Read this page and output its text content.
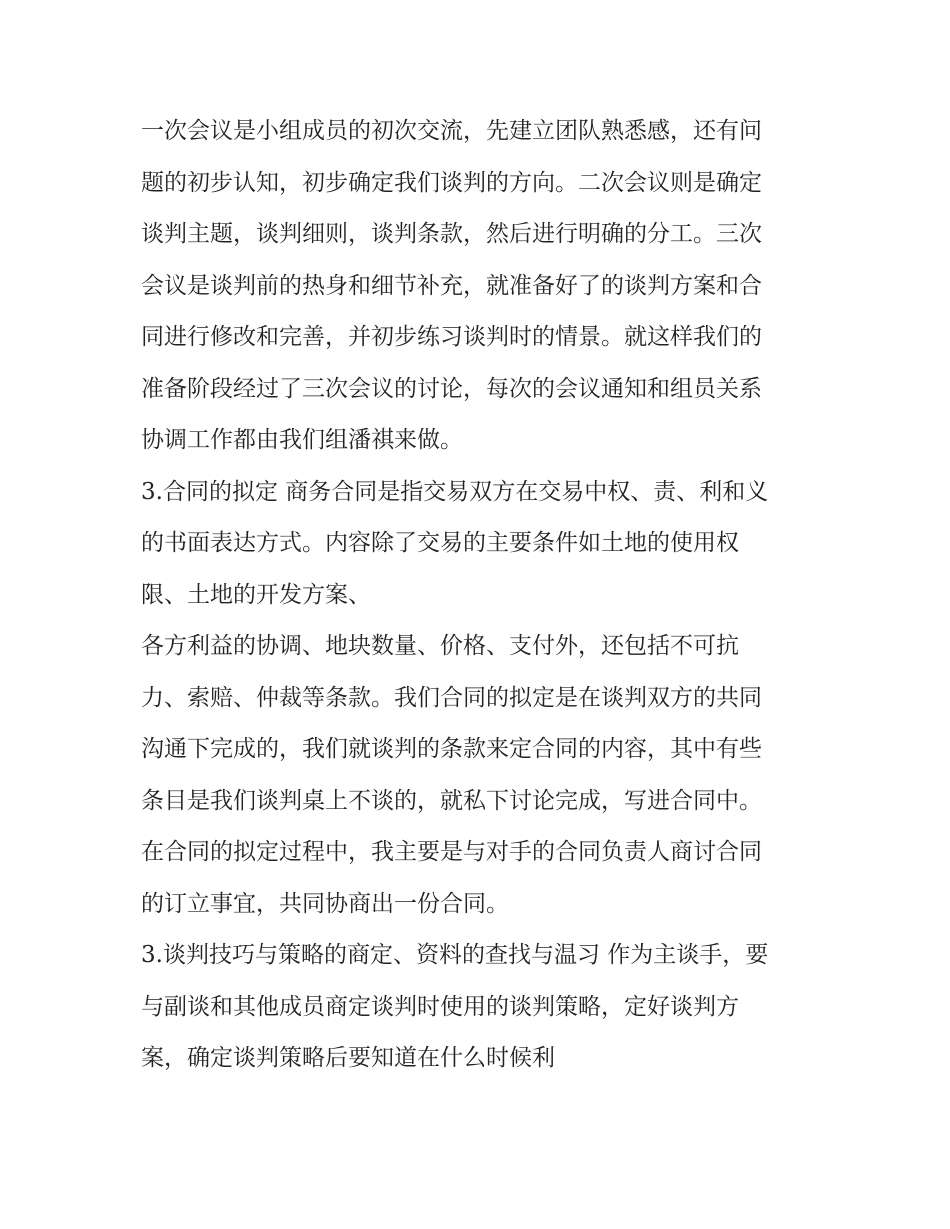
一次会议是小组成员的初次交流，先建立团队熟悉感，还有问
题的初步认知，初步确定我们谈判的方向。二次会议则是确定
谈判主题，谈判细则，谈判条款，然后进行明确的分工。三次
会议是谈判前的热身和细节补充，就准备好了的谈判方案和合
同进行修改和完善，并初步练习谈判时的情景。就这样我们的
准备阶段经过了三次会议的讨论，每次的会议通知和组员关系
协调工作都由我们组潘祺来做。
3.合同的拟定 商务合同是指交易双方在交易中权、责、利和义
的书面表达方式。内容除了交易的主要条件如土地的使用权
限、土地的开发方案、
各方利益的协调、地块数量、价格、支付外，还包括不可抗
力、索赔、仲裁等条款。我们合同的拟定是在谈判双方的共同
沟通下完成的，我们就谈判的条款来定合同的内容，其中有些
条目是我们谈判桌上不谈的，就私下讨论完成，写进合同中。
在合同的拟定过程中，我主要是与对手的合同负责人商讨合同
的订立事宜，共同协商出一份合同。
3.谈判技巧与策略的商定、资料的查找与温习 作为主谈手，要
与副谈和其他成员商定谈判时使用的谈判策略，定好谈判方
案，确定谈判策略后要知道在什么时候利
